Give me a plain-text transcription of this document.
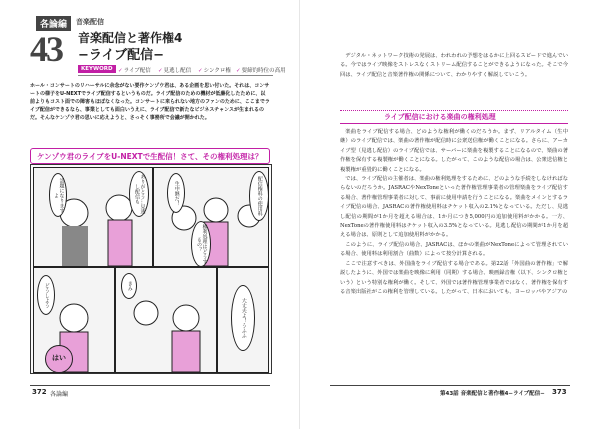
各論編	音楽配信
43 音楽配信と著作権4
−ライブ配信−
KEYWORD ✓ライブ配信 ✓見逃し配信 ✓シンクロ権 ✓要締約時位の高用

ホール・コンサートのリハーサルに余念がない要作ケンゾウ君は、ある企画を思い付いた。それは、コンサートの様子をU-NEXTでライブ配信するというものだ。ライブ配信のための機材が低廉化したために、以前よりもコスト面での障害もほぼなくなった。コンサートに来られない地方のファンのために、ここまでライブ配信ができるなら、事業としても面白いうえに、ライブ配信で新たなビジネスチャンスが生まれるのだ。そんなケンゾウ君の思いに応えようと、さっそく事務所で会議が開かれた。

ケンゾウ君のライブをU-NEXTで生配信！さて、その権利処理は？
話題になりますよ	ありがとう…見逃し配信も	生中継だ！	配信権料の使用料
権利処理はどうするの？
はい
大丈夫よ！うふふ
きみ
どうしよう
372 各論編

デジタル・ネットワーク技術の発展は、われわれの予想をはるかに上回るスピードで進んでいる。今ではライブ映像をストレスなくストリーム配信することができるようになった。そこで今回は、ライブ配信と音楽著作権の関係について、わかりやすく解説していこう。

ライブ配信における楽曲の権利処理

楽曲をライブ配信する場合、どのような権利が働くのだろうか。まず、リアルタイム（生中継）のライブ配信では、楽曲の著作権が配信時に公衆送信権が働くことになる。さらに、アーカイブ型（見逃し配信）のライブ配信では、サーバーに楽曲を複製することになるので、楽曲の著作権を保有する複製権が働くことになる。したがって、このような配信の場合は、公衆送信権と複製権が重畳的に働くことになる。

では、ライブ配信の主催者は、楽曲の権利処理をするために、どのような手続をしなければならないのだろうか。JASRACやNexToneといった著作権管理事業者の管理楽曲をライブ配信する場合、著作権管理事業者に対して、事前に使用申請を行うことになる。楽曲をメインとするライブ配信の場合、JASRACの著作権使用料はチケット収入の2.1%となっている。ただし、見逃し配信の期間が1か月を超える場合は、1か月につき5,000円の追加使用料がかかる。一方、NexToneの著作権使用料はチケット収入の3.5%となっている。見逃し配信の期間が1か月を超える場合は、原則として追加使用料がかかる。

このように、ライブ配信の場合、JASRACは、ほかの楽曲がNexToneによって管理されている場合、使用料は利用割合（曲数）によって按分計算される。

ここで注意すべきは、外国曲をライブ配信する場合である。第22話「外国曲の著作権」で解説したように、外国では楽曲を映像に利用（同期）する場合、映画録音権（以下、シンクロ権という）という特別な権利が働く。そして、外国では著作権管理事業者ではなく、著作権を保有する音楽出版社がこの権利を管理している。したがって、日本においても、ヨーロッパやアジアの

第43話 音楽配信と著作権4−ライブ配信− 373
